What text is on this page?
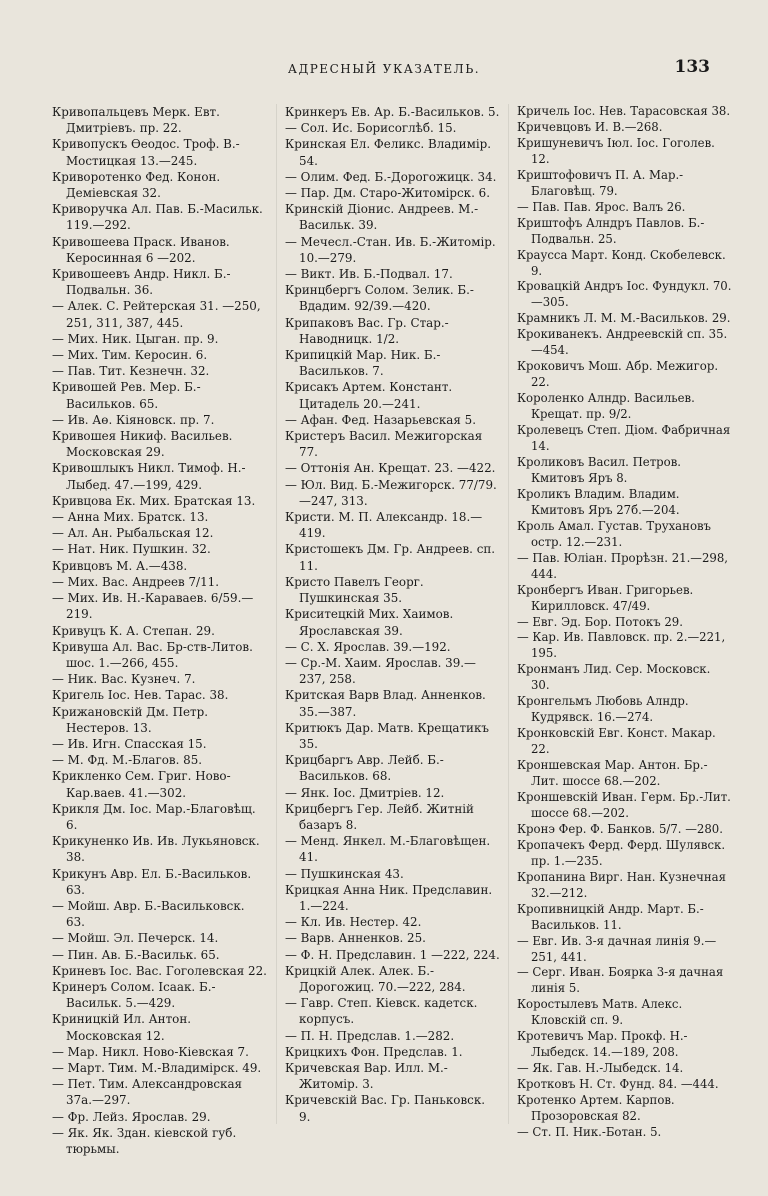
АДРЕСНЫЙ УКАЗАТЕЛЬ.	133

Кривопальцевъ Мерк. Евт. Дмитрiевъ. пр. 22.

Кривопускъ Өеодос. Троф. В.-Мостицкая 13.—245.

Криворотенко Фед. Конон. Демiевская 32.

Криворучка Ал. Пав. Б.-Масильк. 119.—292.

Кривошеева Праск. Иванов. Керосинная 6 —202.

Кривошеевъ Андр. Никл. Б.-Подвальн. 36.

— Алек. С. Рейтерская 31. —250, 251, 311, 387, 445.

— Мих. Ник. Цыган. пр. 9.

— Мих. Тим. Керосин. 6.

— Пав. Тит. Кезнечн. 32.

Кривошей Рев. Мер. Б.-Васильков. 65.

— Ив. Аө. Кiяновск. пр. 7.

Кривошея Никиф. Васильев. Московская 29.

Кривошлыкъ Никл. Тимоф. Н.-Лыбед. 47.—199, 429.

Кривцова Ек. Мих. Братская 13.

— Анна Мих. Братск. 13.

— Ал. Ан. Рыбальская 12.

— Нат. Ник. Пушкин. 32.

Кривцовъ М. А.—438.

— Мих. Вас. Андреев 7/11.

— Мих. Ив. Н.-Караваев. 6/59.—219.

Кривуцъ К. А. Степан. 29.

Кривуша Ал. Вас. Бр-ств-Литов. шос. 1.—266, 455.

— Ник. Вас. Кузнеч. 7.

Кригель Iос. Нев. Тарас. 38.

Крижановскiй Дм. Петр. Нестеров. 13.

— Ив. Игн. Спасская 15.

— М. Фд. М.-Благов. 85.

Крикленко Сем. Григ. Ново-Кар.ваев. 41.—302.

Крикля Дм. Iос. Мар.-Благовѣщ. 6.

Крикуненко Ив. Ив. Лукьяновск. 38.

Крикунъ Авр. Ел. Б.-Васильков. 63.

— Мойш. Авр. Б.-Васильковск. 63.

— Мойш. Эл. Печерск. 14.

— Пин. Ав. Б.-Васильк. 65.

Криневъ Iос. Вас. Гоголевская 22.

Кринеръ Солом. Iсаак. Б.-Васильк. 5.—429.

Криницкiй Ил. Антон. Московская 12.

— Мар. Никл. Ново-Кiевская 7.

— Март. Тим. М.-Владимiрск. 49.

— Пет. Тим. Александровская 37а.—297.

— Фр. Лейз. Ярослав. 29.

— Як. Як. Здан. кiевской губ. тюрьмы.

Кринкеръ Ев. Ар. Б.-Васильков. 5.

— Сол. Ис. Борисоглѣб. 15.

Кринская Ел. Феликс. Владимiр. 54.

— Олим. Фед. Б.-Дорогожицк. 34.

— Пар. Дм. Старо-Житомiрск. 6.

Кринскiй Дiонис. Андреев. М.-Васильк. 39.

— Мечесл.-Стан. Ив. Б.-Житомiр. 10.—279.

— Викт. Ив. Б.-Подвал. 17.

Кринцбергъ Солом. Зелик. Б.-Вдадим. 92/39.—420.

Крипаковъ Вас. Гр. Стар.-Наводницк. 1/2.

Крипицкiй Мар. Ник. Б.-Васильков. 7.

Крисакъ Артем. Констант. Цитадель 20.—241.

— Афан. Фед. Назарьевская 5.

Кристеръ Васил. Межигорская 77.

— Оттонiя Ан. Крещат. 23. —422.

— Юл. Вид. Б.-Межигорск. 77/79.—247, 313.

Кристи. М. П. Александр. 18.—419.

Кристошекъ Дм. Гр. Андреев. сп. 11.

Кристо Павелъ Георг. Пушкинская 35.

Криситецкiй Мих. Хаимов. Ярославская 39.

— С. Х. Ярослав. 39.—192.

— Ср.-М. Хаим. Ярослав. 39.—237, 258.

Критская Варв Влад. Анненков. 35.—387.

Критюкъ Дар. Матв. Крещатикъ 35.

Крицбаргъ Авр. Лейб. Б.-Васильков. 68.

— Янк. Iос. Дмитрiев. 12.

Крицбергъ Гер. Лейб. Житнiй базаръ 8.

— Менд. Янкел. М.-Благовѣщен. 41.

— Пушкинская 43.

Крицкая Анна Ник. Предславин. 1.—224.

— Кл. Ив. Нестер. 42.

— Варв. Анненков. 25.

— Ф. Н. Предславин. 1 —222, 224.

Крицкiй Алек. Алек. Б.-Дорогожиц. 70.—222, 284.

— Гавр. Степ. Кiевск. кадетск. корпусъ.

— П. Н. Предслав. 1.—282.

Крицкихъ Фон. Предслав. 1.

Кричевская Вар. Илл. М.-Житомiр. 3.

Кричевскiй Вас. Гр. Паньковск. 9.

Кричель Iос. Нев. Тарасовская 38.

Кричевцовъ И. В.—268.

Кришуневичъ Iюл. Iос. Гоголев. 12.

Криштофовичъ П. А. Мар.-Благовѣщ. 79.

— Пав. Пав. Ярос. Валъ 26.

Криштофъ Алндръ Павлов. Б.-Подвальн. 25.

Краусса Март. Конд. Скобелевск. 9.

Кровацкiй Андръ Iос. Фундукл. 70.—305.

Крамникъ Л. М. М.-Васильков. 29.

Крокиванекъ. Андреевскiй сп. 35.—454.

Кроковичъ Мош. Абр. Межигор. 22.

Короленко Алндр. Васильев. Крещат. пр. 9/2.

Кролевецъ Степ. Дiом. Фабричная 14.

Кроликовъ Васил. Петров. Кмитовъ Яръ 8.

Кроликъ Владим. Владим. Кмитовъ Яръ 27б.—204.

Кроль Амал. Густав. Трухановъ остр. 12.—231.

— Пав. Юлiан. Прорѣзн. 21.—298, 444.

Кронбергъ Иван. Григорьев. Кирилловск. 47/49.

— Евг. Эд. Бор. Потокъ 29.

— Кар. Ив. Павловск. пр. 2.—221, 195.

Кронманъ Лид. Сер. Московск. 30.

Кронгельмъ Любовь Алндр. Кудрявск. 16.—274.

Кронковскiй Евг. Конст. Макар. 22.

Кроншевская Мар. Антон. Бр.-Лит. шоссе 68.—202.

Кроншевскiй Иван. Герм. Бр.-Лит. шоссе 68.—202.

Кронэ Фер. Ф. Банков. 5/7. —280.

Кропачекъ Ферд. Ферд. Шулявск. пр. 1.—235.

Кропанина Вирг. Нан. Кузнечная 32.—212.

Кропивницкiй Андр. Март. Б.-Васильков. 11.

— Евг. Ив. 3-я дачная линiя 9.—251, 441.

— Серг. Иван. Боярка 3-я дачная линiя 5.

Коростылевъ Матв. Алекс. Кловскiй сп. 9.

Кротевичъ Мар. Прокф. Н.-Лыбедск. 14.—189, 208.

— Як. Гав. Н.-Лыбедск. 14.

Кротковъ Н. Ст. Фунд. 84. —444.

Кротенко Артем. Карпов. Прозоровская 82.

— Ст. П. Ник.-Ботан. 5.
